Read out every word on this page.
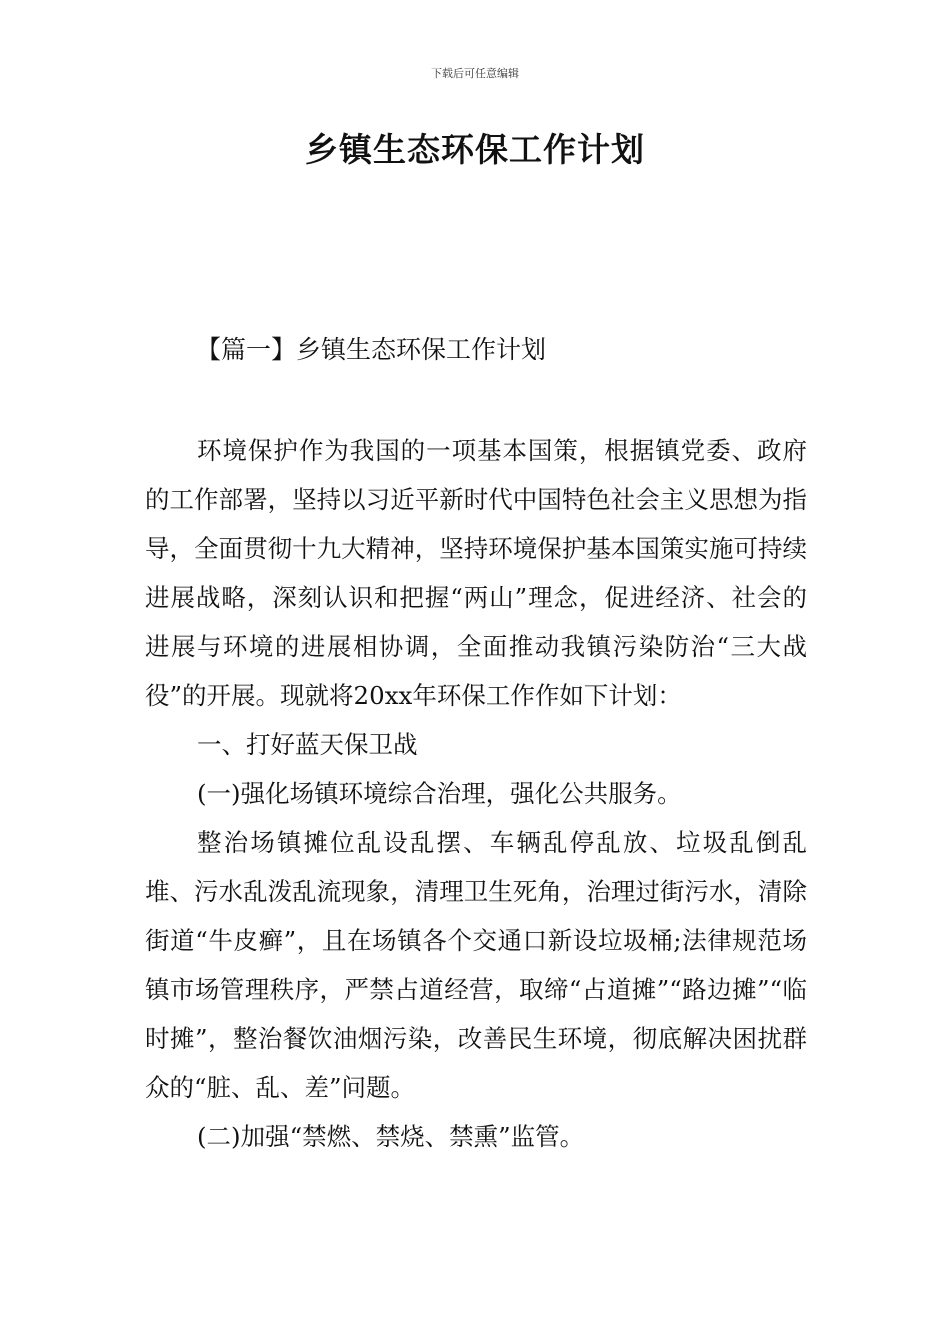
下载后可任意编辑
乡镇生态环保工作计划
【篇一】乡镇生态环保工作计划

环境保护作为我国的一项基本国策，根据镇党委、政府的工作部署，坚持以习近平新时代中国特色社会主义思想为指导，全面贯彻十九大精神，坚持环境保护基本国策实施可持续进展战略，深刻认识和把握“两山”理念，促进经济、社会的进展与环境的进展相协调，全面推动我镇污染防治“三大战役”的开展。现就将20xx年环保工作作如下计划：

一、打好蓝天保卫战

(一)强化场镇环境综合治理，强化公共服务。

整治场镇摊位乱设乱摆、车辆乱停乱放、垃圾乱倒乱堆、污水乱泼乱流现象，清理卫生死角，治理过街污水，清除街道“牛皮癣”，且在场镇各个交通口新设垃圾桶;法律规范场镇市场管理秩序，严禁占道经营，取缔“占道摊”“路边摊”“临时摊”，整治餐饮油烟污染，改善民生环境，彻底解决困扰群众的“脏、乱、差”问题。

(二)加强“禁燃、禁烧、禁熏”监管。
